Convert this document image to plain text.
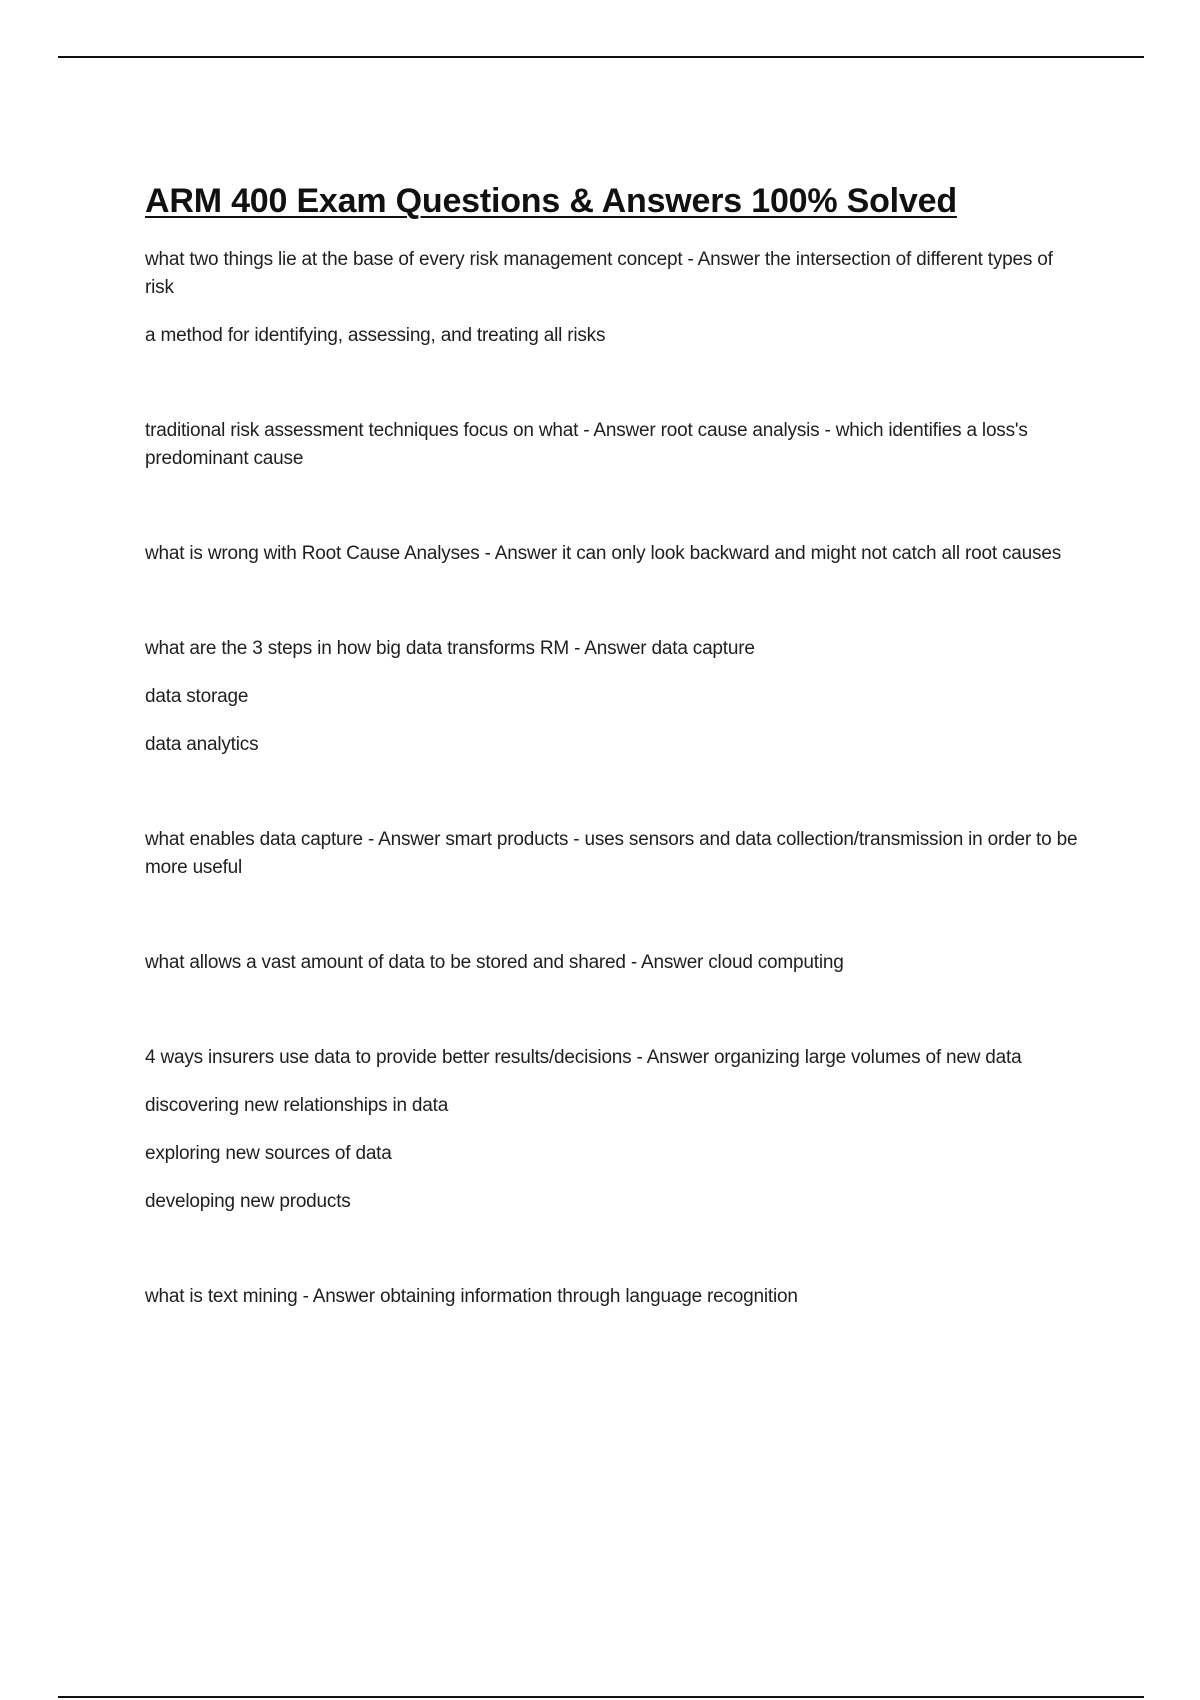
ARM 400 Exam Questions & Answers 100% Solved

what two things lie at the base of every risk management concept - Answer the intersection of different types of risk

a method for identifying, assessing, and treating all risks

traditional risk assessment techniques focus on what - Answer root cause analysis - which identifies a loss's predominant cause

what is wrong with Root Cause Analyses - Answer it can only look backward and might not catch all root causes

what are the 3 steps in how big data transforms RM - Answer data capture

data storage

data analytics

what enables data capture - Answer smart products - uses sensors and data collection/transmission in order to be more useful

what allows a vast amount of data to be stored and shared - Answer cloud computing

4 ways insurers use data to provide better results/decisions - Answer organizing large volumes of new data

discovering new relationships in data

exploring new sources of data

developing new products

what is text mining - Answer obtaining information through language recognition
